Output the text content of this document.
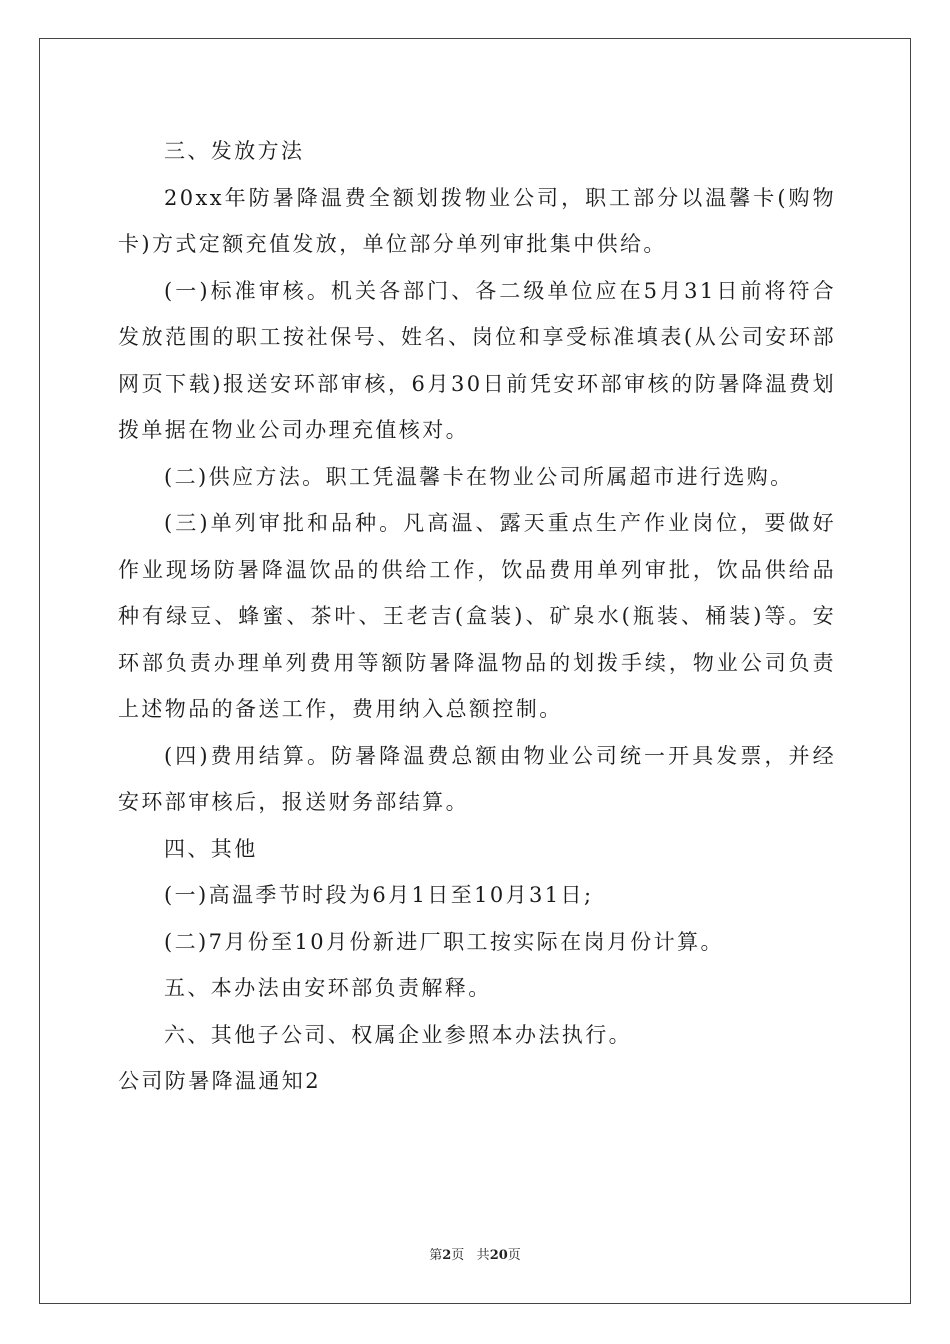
三、发放方法

20xx年防暑降温费全额划拨物业公司，职工部分以温馨卡(购物卡)方式定额充值发放，单位部分单列审批集中供给。

(一)标准审核。机关各部门、各二级单位应在5月31日前将符合发放范围的职工按社保号、姓名、岗位和享受标准填表(从公司安环部网页下载)报送安环部审核，6月30日前凭安环部审核的防暑降温费划拨单据在物业公司办理充值核对。

(二)供应方法。职工凭温馨卡在物业公司所属超市进行选购。

(三)单列审批和品种。凡高温、露天重点生产作业岗位，要做好作业现场防暑降温饮品的供给工作，饮品费用单列审批，饮品供给品种有绿豆、蜂蜜、茶叶、王老吉(盒装)、矿泉水(瓶装、桶装)等。安环部负责办理单列费用等额防暑降温物品的划拨手续，物业公司负责上述物品的备送工作，费用纳入总额控制。

(四)费用结算。防暑降温费总额由物业公司统一开具发票，并经安环部审核后，报送财务部结算。

四、其他

(一)高温季节时段为6月1日至10月31日;

(二)7月份至10月份新进厂职工按实际在岗月份计算。

五、本办法由安环部负责解释。

六、其他子公司、权属企业参照本办法执行。

公司防暑降温通知2

第2页 共20页
